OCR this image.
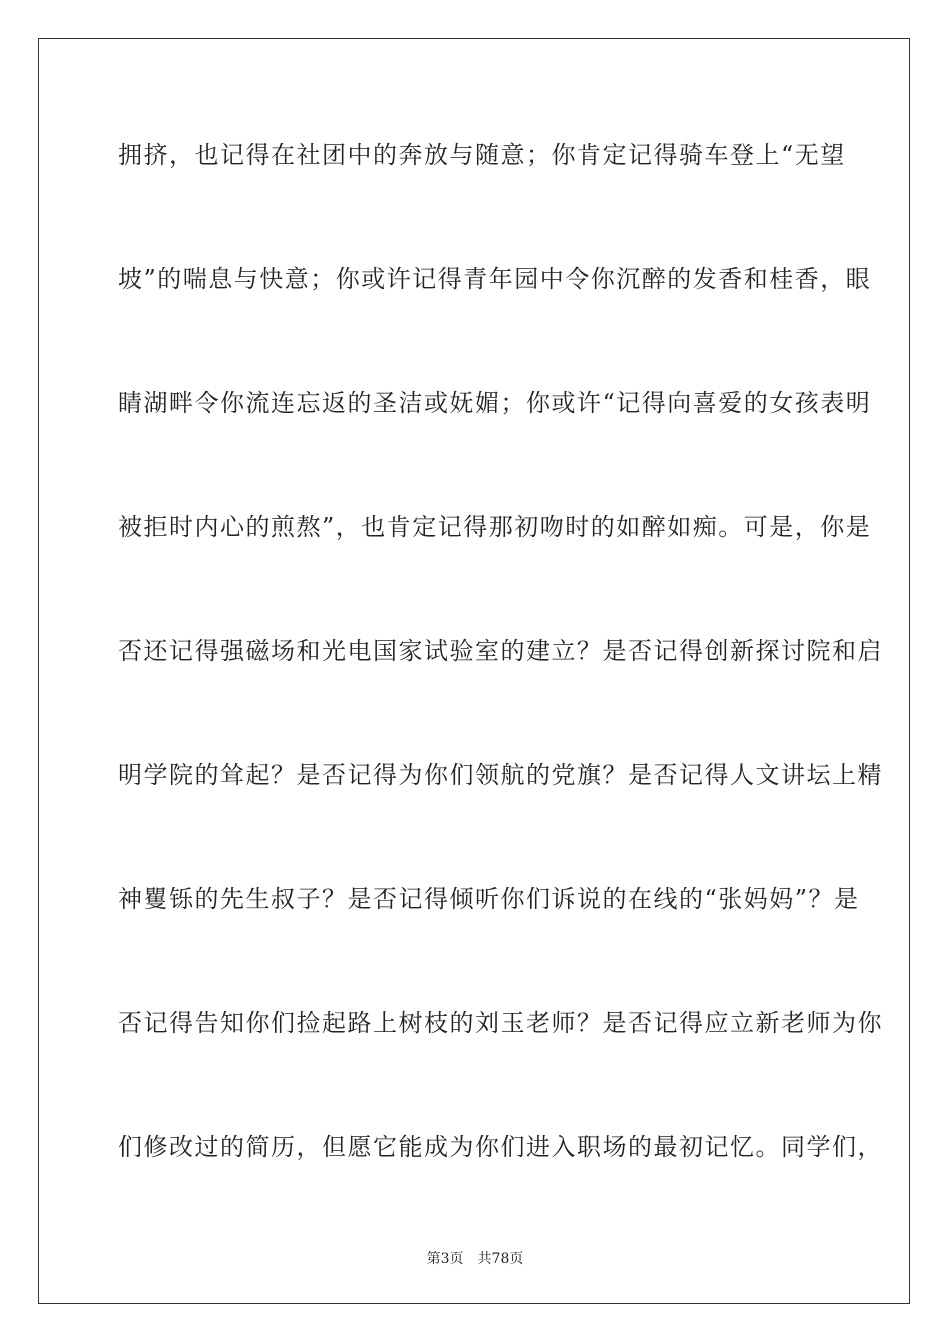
拥挤，也记得在社团中的奔放与随意；你肯定记得骑车登上“无望
坡”的喘息与快意；你或许记得青年园中令你沉醉的发香和桂香，眼
睛湖畔令你流连忘返的圣洁或妩媚；你或许“记得向喜爱的女孩表明
被拒时内心的煎熬”，也肯定记得那初吻时的如醉如痴。可是，你是
否还记得强磁场和光电国家试验室的建立？是否记得创新探讨院和启
明学院的耸起？是否记得为你们领航的党旗？是否记得人文讲坛上精
神矍铄的先生叔子？是否记得倾听你们诉说的在线的“张妈妈”？是
否记得告知你们捡起路上树枝的刘玉老师？是否记得应立新老师为你
们修改过的简历，但愿它能成为你们进入职场的最初记忆。同学们，
第3页 共78页
